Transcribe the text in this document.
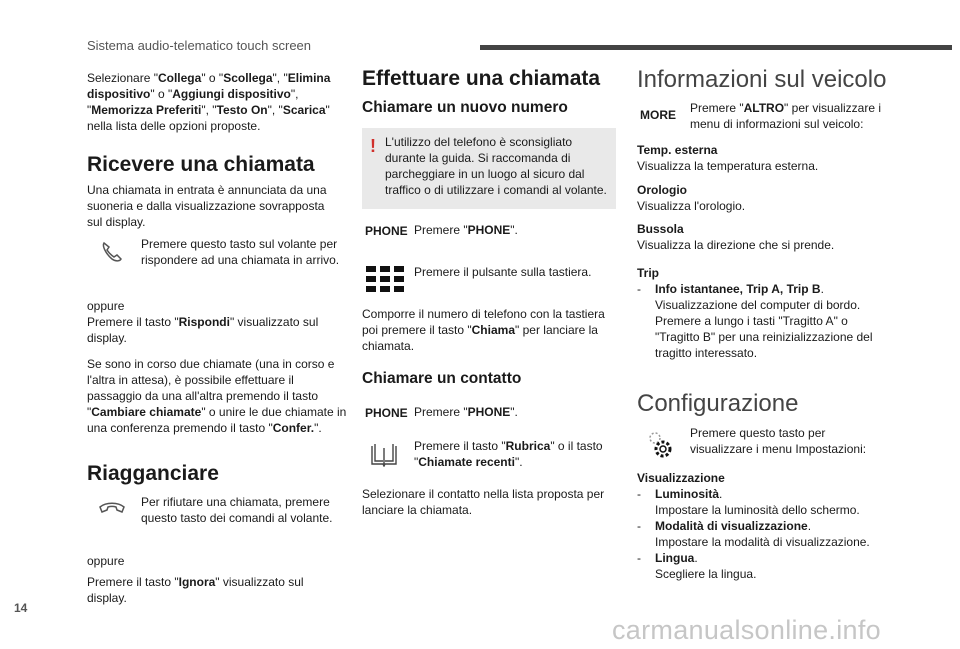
Sistema audio-telematico touch screen
14
carmanualsonline.info
Selezionare "Collega" o "Scollega", "Elimina dispositivo" o "Aggiungi dispositivo", "Memorizza Preferiti", "Testo On", "Scarica" nella lista delle opzioni proposte.
Ricevere una chiamata
Una chiamata in entrata è annunciata da una suoneria e dalla visualizzazione sovrapposta sul display.
Premere questo tasto sul volante per rispondere ad una chiamata in arrivo.
oppure
Premere il tasto "Rispondi" visualizzato sul display.
Se sono in corso due chiamate (una in corso e l'altra in attesa), è possibile effettuare il passaggio da una all'altra premendo il tasto "Cambiare chiamate" o unire le due chiamate in una conferenza premendo il tasto "Confer.".
Riagganciare
Per rifiutare una chiamata, premere questo tasto dei comandi al volante.
oppure
Premere il tasto "Ignora" visualizzato sul display.
Effettuare una chiamata
Chiamare un nuovo numero
! L'utilizzo del telefono è sconsigliato durante la guida. Si raccomanda di parcheggiare in un luogo al sicuro dal traffico o di utilizzare i comandi al volante.
PHONE Premere "PHONE".
Premere il pulsante sulla tastiera.
Comporre il numero di telefono con la tastiera poi premere il tasto "Chiama" per lanciare la chiamata.
Chiamare un contatto
PHONE Premere "PHONE".
Premere il tasto "Rubrica" o il tasto "Chiamate recenti".
Selezionare il contatto nella lista proposta per lanciare la chiamata.
Informazioni sul veicolo
MORE Premere "ALTRO" per visualizzare i menu di informazioni sul veicolo:
Temp. esterna
Visualizza la temperatura esterna.
Orologio
Visualizza l'orologio.
Bussola
Visualizza la direzione che si prende.
Trip
- Info istantanee, Trip A, Trip B.
Visualizzazione del computer di bordo. Premere a lungo i tasti "Tragitto A" o "Tragitto B" per una reinizializzazione del tragitto interessato.
Configurazione
Premere questo tasto per visualizzare i menu Impostazioni:
Visualizzazione
- Luminosità.
Impostare la luminosità dello schermo.
- Modalità di visualizzazione.
Impostare la modalità di visualizzazione.
- Lingua.
Scegliere la lingua.
